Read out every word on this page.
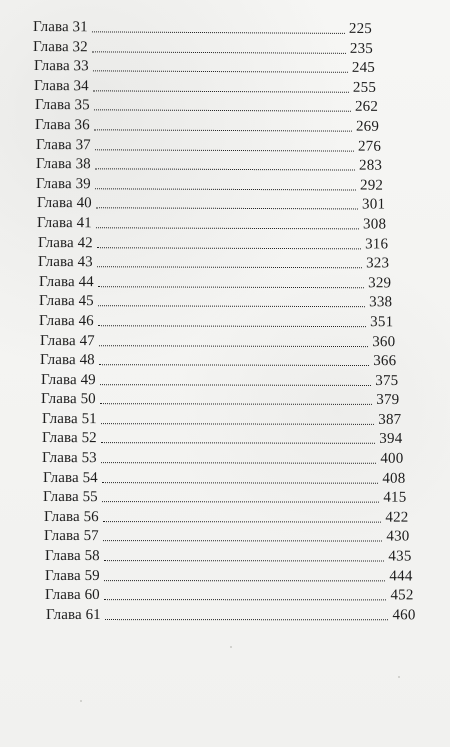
Глава 31	225
Глава 32	235
Глава 33	245
Глава 34	255
Глава 35	262
Глава 36	269
Глава 37	276
Глава 38	283
Глава 39	292
Глава 40	301
Глава 41	308
Глава 42	316
Глава 43	323
Глава 44	329
Глава 45	338
Глава 46	351
Глава 47	360
Глава 48	366
Глава 49	375
Глава 50	379
Глава 51	387
Глава 52	394
Глава 53	400
Глава 54	408
Глава 55	415
Глава 56	422
Глава 57	430
Глава 58	435
Глава 59	444
Глава 60	452
Глава 61	460
